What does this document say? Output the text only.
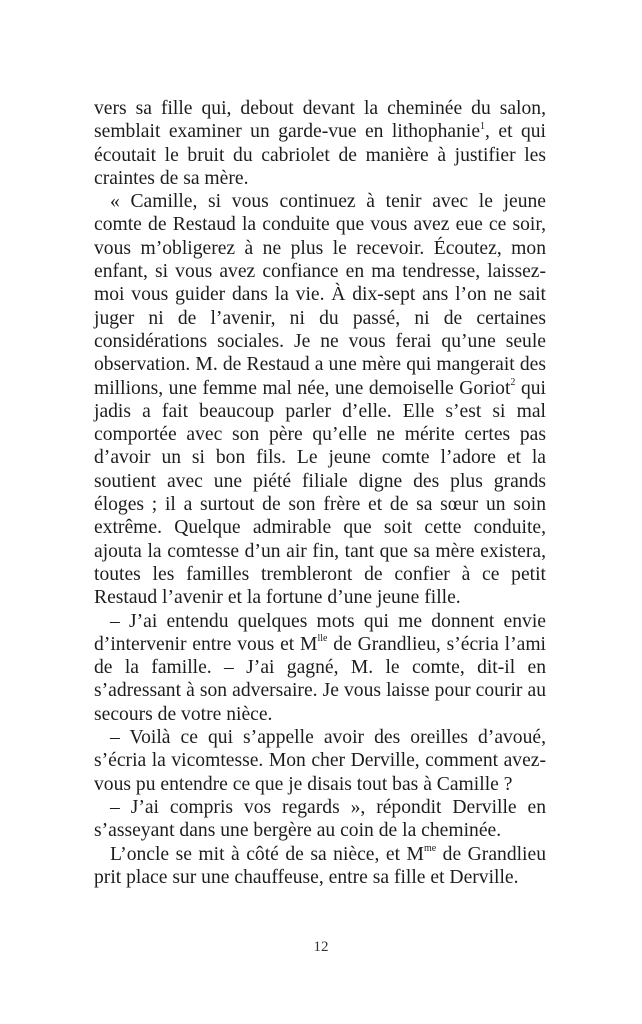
vers sa fille qui, debout devant la cheminée du salon, semblait examiner un garde-vue en lithophanie$^1$, et qui écoutait le bruit du cabriolet de manière à justifier les craintes de sa mère.

« Camille, si vous continuez à tenir avec le jeune comte de Restaud la conduite que vous avez eue ce soir, vous m’obligerez à ne plus le recevoir. Écoutez, mon enfant, si vous avez confiance en ma tendresse, laissez-moi vous guider dans la vie. À dix-sept ans l’on ne sait juger ni de l’avenir, ni du passé, ni de certaines considérations sociales. Je ne vous ferai qu’une seule observation. M. de Restaud a une mère qui mangerait des millions, une femme mal née, une demoiselle Goriot$^2$ qui jadis a fait beaucoup parler d’elle. Elle s’est si mal comportée avec son père qu’elle ne mérite certes pas d’avoir un si bon fils. Le jeune comte l’adore et la soutient avec une piété filiale digne des plus grands éloges ; il a surtout de son frère et de sa sœur un soin extrême. Quelque admirable que soit cette conduite, ajouta la comtesse d’un air fin, tant que sa mère existera, toutes les familles trembleront de confier à ce petit Restaud l’avenir et la fortune d’une jeune fille.

– J’ai entendu quelques mots qui me donnent envie d’intervenir entre vous et $M^{lle}$ de Grandlieu, s’écria l’ami de la famille. – J’ai gagné, M. le comte, dit-il en s’adressant à son adversaire. Je vous laisse pour courir au secours de votre nièce.

– Voilà ce qui s’appelle avoir des oreilles d’avoué, s’écria la vicomtesse. Mon cher Derville, comment avez-vous pu entendre ce que je disais tout bas à Camille ?

– J’ai compris vos regards », répondit Derville en s’asseyant dans une bergère au coin de la cheminée.

L’oncle se mit à côté de sa nièce, et $M^{me}$ de Grandlieu prit place sur une chauffeuse, entre sa fille et Derville.

12
